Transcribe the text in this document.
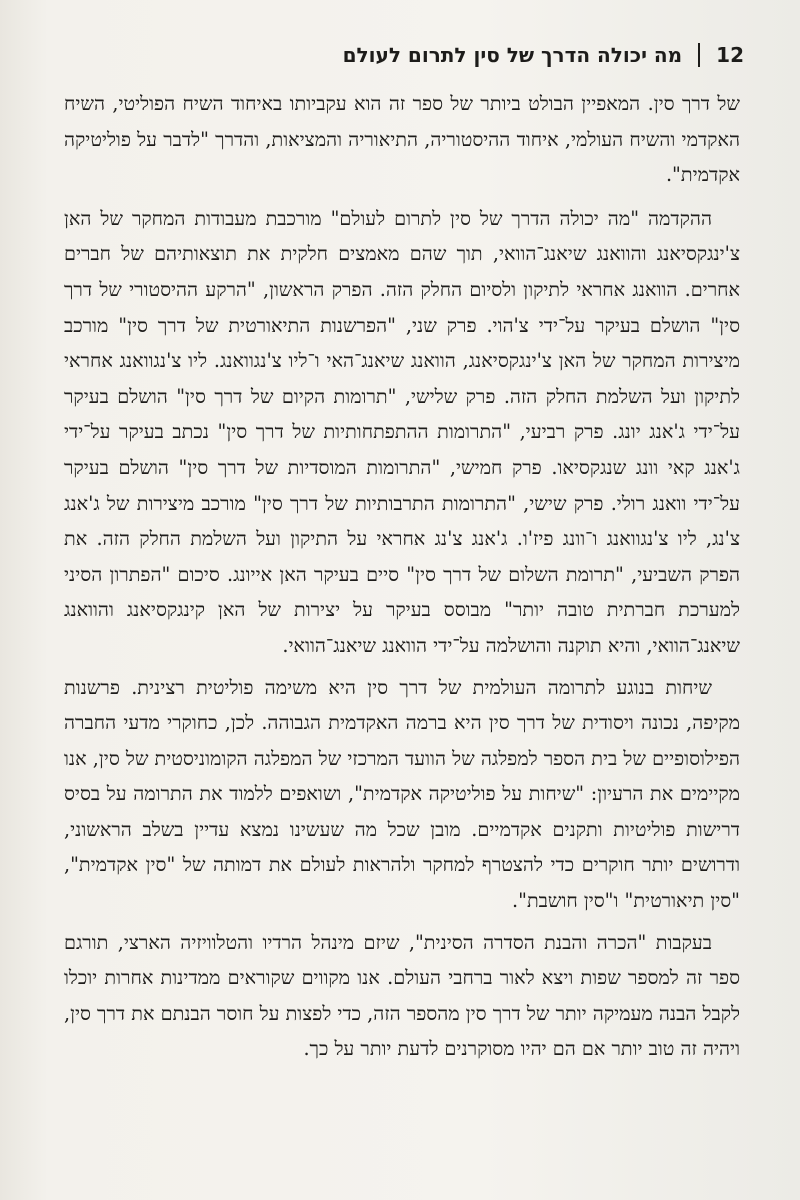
מה יכולה הדרך של סין לתרום לעולם 12

של דרך סין. המאפיין הבולט ביותר של ספר זה הוא עקביותו באיחוד השיח הפוליטי, השיח האקדמי והשיח העולמי, איחוד ההיסטוריה, התיאוריה והמציאות, והדרך "לדבר על פוליטיקה אקדמית".

ההקדמה "מה יכולה הדרך של סין לתרום לעולם" מורכבת מעבודות המחקר של האן צ'ינגקסיאנג והוואנג שיאנג־הוואי, תוך שהם מאמצים חלקית את תוצאותיהם של חברים אחרים. הוואנג אחראי לתיקון ולסיום החלק הזה. הפרק הראשון, "הרקע ההיסטורי של דרך סין" הושלם בעיקר על־ידי צ'הוי. פרק שני, "הפרשנות התיאורטית של דרך סין" מורכב מיצירות המחקר של האן צ'ינגקסיאנג, הוואנג שיאנג־האי ו־ליו צ'נגוואנג. ליו צ'נגוואנג אחראי לתיקון ועל השלמת החלק הזה. פרק שלישי, "תרומות הקיום של דרך סין" הושלם בעיקר על־ידי ג'אנג יונג. פרק רביעי, "התרומות ההתפתחותיות של דרך סין" נכתב בעיקר על־ידי ג'אנג קאי וונג שנגקסיאו. פרק חמישי, "התרומות המוסדיות של דרך סין" הושלם בעיקר על־ידי וואנג רולי. פרק שישי, "התרומות התרבותיות של דרך סין" מורכב מיצירות של ג'אנג צ'נג, ליו צ'נגוואנג ו־וונג פיז'ו. ג'אנג צ'נג אחראי על התיקון ועל השלמת החלק הזה. את הפרק השביעי, "תרומת השלום של דרך סין" סיים בעיקר האן אייונג. סיכום "הפתרון הסיני למערכת חברתית טובה יותר" מבוסס בעיקר על יצירות של האן קינגקסיאנג והוואנג שיאנג־הוואי, והיא תוקנה והושלמה על־ידי הוואנג שיאנג־הוואי.

שיחות בנוגע לתרומה העולמית של דרך סין היא משימה פוליטית רצינית. פרשנות מקיפה, נכונה ויסודית של דרך סין היא ברמה האקדמית הגבוהה. לכן, כחוקרי מדעי החברה הפילוסופיים של בית הספר למפלגה של הוועד המרכזי של המפלגה הקומוניסטית של סין, אנו מקיימים את הרעיון: "שיחות על פוליטיקה אקדמית", ושואפים ללמוד את התרומה על בסיס דרישות פוליטיות ותקנים אקדמיים. מובן שכל מה שעשינו נמצא עדיין בשלב הראשוני, ודרושים יותר חוקרים כדי להצטרף למחקר ולהראות לעולם את דמותה של "סין אקדמית", "סין תיאורטית" ו"סין חושבת".

בעקבות "הכרה והבנת הסדרה הסינית", שיזם מינהל הרדיו והטלוויזיה הארצי, תורגם ספר זה למספר שפות ויצא לאור ברחבי העולם. אנו מקווים שקוראים ממדינות אחרות יוכלו לקבל הבנה מעמיקה יותר של דרך סין מהספר הזה, כדי לפצות על חוסר הבנתם את דרך סין, ויהיה זה טוב יותר אם הם יהיו מסוקרנים לדעת יותר על כך.
